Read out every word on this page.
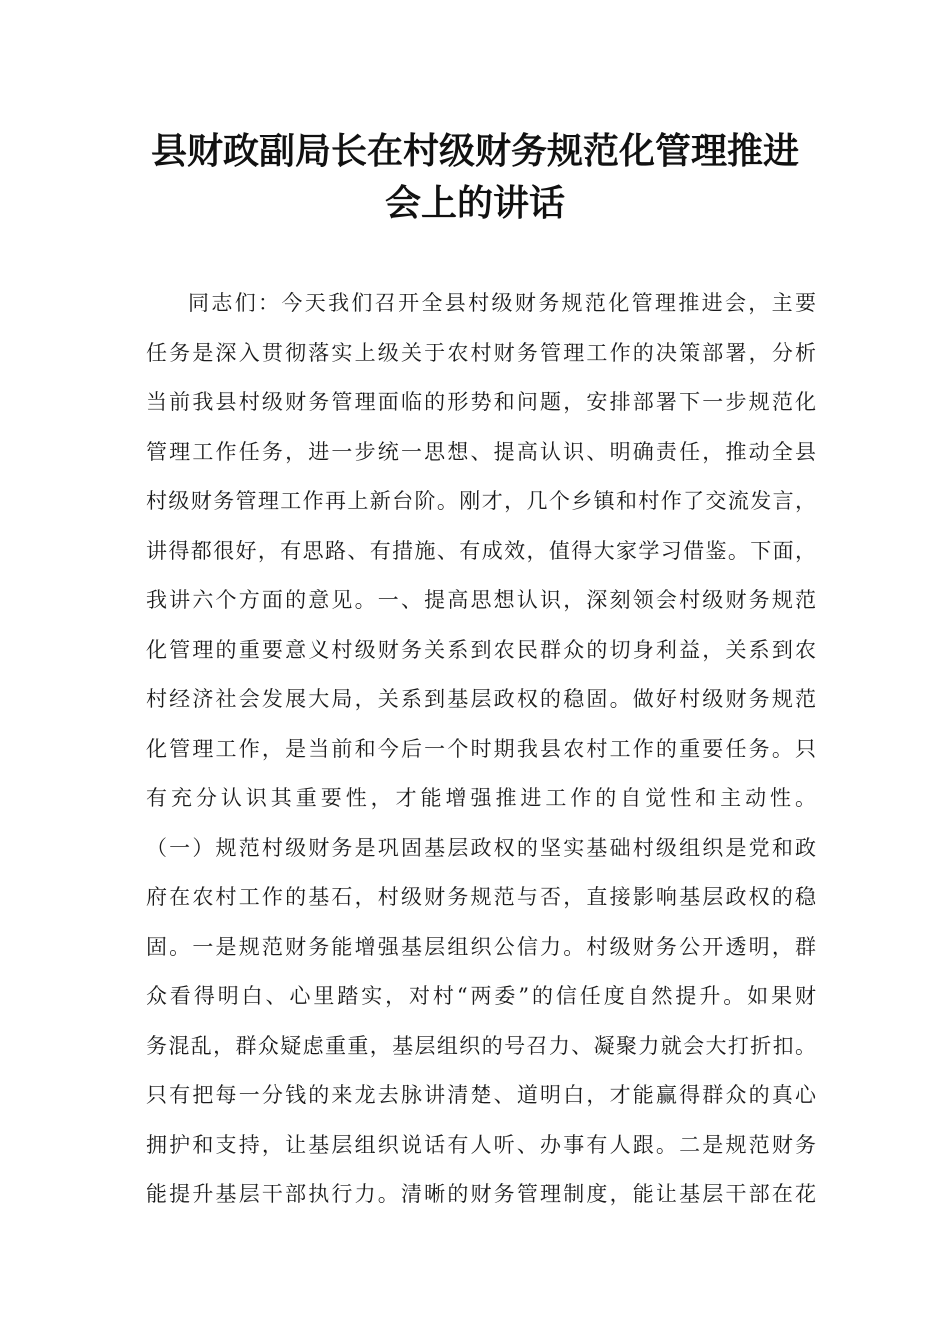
县财政副局长在村级财务规范化管理推进
会上的讲话
同志们：今天我们召开全县村级财务规范化管理推进会，主要
任务是深入贯彻落实上级关于农村财务管理工作的决策部署，分析
当前我县村级财务管理面临的形势和问题，安排部署下一步规范化
管理工作任务，进一步统一思想、提高认识、明确责任，推动全县
村级财务管理工作再上新台阶。刚才，几个乡镇和村作了交流发言，
讲得都很好，有思路、有措施、有成效，值得大家学习借鉴。下面，
我讲六个方面的意见。一、提高思想认识，深刻领会村级财务规范
化管理的重要意义村级财务关系到农民群众的切身利益，关系到农
村经济社会发展大局，关系到基层政权的稳固。做好村级财务规范
化管理工作，是当前和今后一个时期我县农村工作的重要任务。只
有充分认识其重要性，才能增强推进工作的自觉性和主动性。
（一）规范村级财务是巩固基层政权的坚实基础村级组织是党和政
府在农村工作的基石，村级财务规范与否，直接影响基层政权的稳
固。一是规范财务能增强基层组织公信力。村级财务公开透明，群
众看得明白、心里踏实，对村“两委”的信任度自然提升。如果财
务混乱，群众疑虑重重，基层组织的号召力、凝聚力就会大打折扣。
只有把每一分钱的来龙去脉讲清楚、道明白，才能赢得群众的真心
拥护和支持，让基层组织说话有人听、办事有人跟。二是规范财务
能提升基层干部执行力。清晰的财务管理制度，能让基层干部在花
